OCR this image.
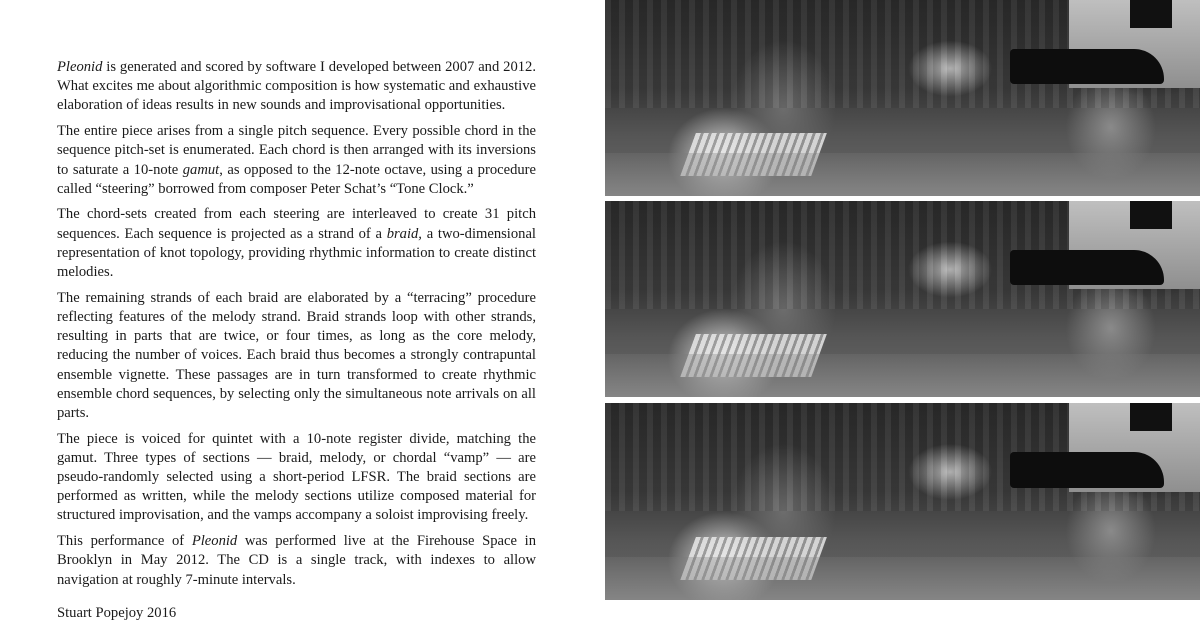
Pleonid is generated and scored by software I developed between 2007 and 2012. What excites me about algorithmic composition is how systematic and exhaustive elaboration of ideas results in new sounds and improvisational opportunities.

The entire piece arises from a single pitch sequence. Every possible chord in the sequence pitch-set is enumerated. Each chord is then arranged with its inversions to saturate a 10-note gamut, as opposed to the 12-note octave, using a procedure called “steering” borrowed from composer Peter Schat’s “Tone Clock.”

The chord-sets created from each steering are interleaved to create 31 pitch sequences. Each sequence is projected as a strand of a braid, a two-dimensional representation of knot topology, providing rhythmic information to create distinct melodies.

The remaining strands of each braid are elaborated by a “terracing” procedure reflecting features of the melody strand. Braid strands loop with other strands, resulting in parts that are twice, or four times, as long as the core melody, reducing the number of voices. Each braid thus becomes a strongly contrapuntal ensemble vignette. These passages are in turn transformed to create rhythmic ensemble chord sequences, by selecting only the simultaneous note arrivals on all parts.

The piece is voiced for quintet with a 10-note register divide, matching the gamut. Three types of sections — braid, melody, or chordal “vamp” — are pseudo-randomly selected using a short-period LFSR. The braid sections are performed as written, while the melody sections utilize composed material for structured improvisation, and the vamps accompany a soloist improvising freely.

This performance of Pleonid was performed live at the Firehouse Space in Brooklyn in May 2012. The CD is a single track, with indexes to allow navigation at roughly 7-minute intervals.

Stuart Popejoy 2016
